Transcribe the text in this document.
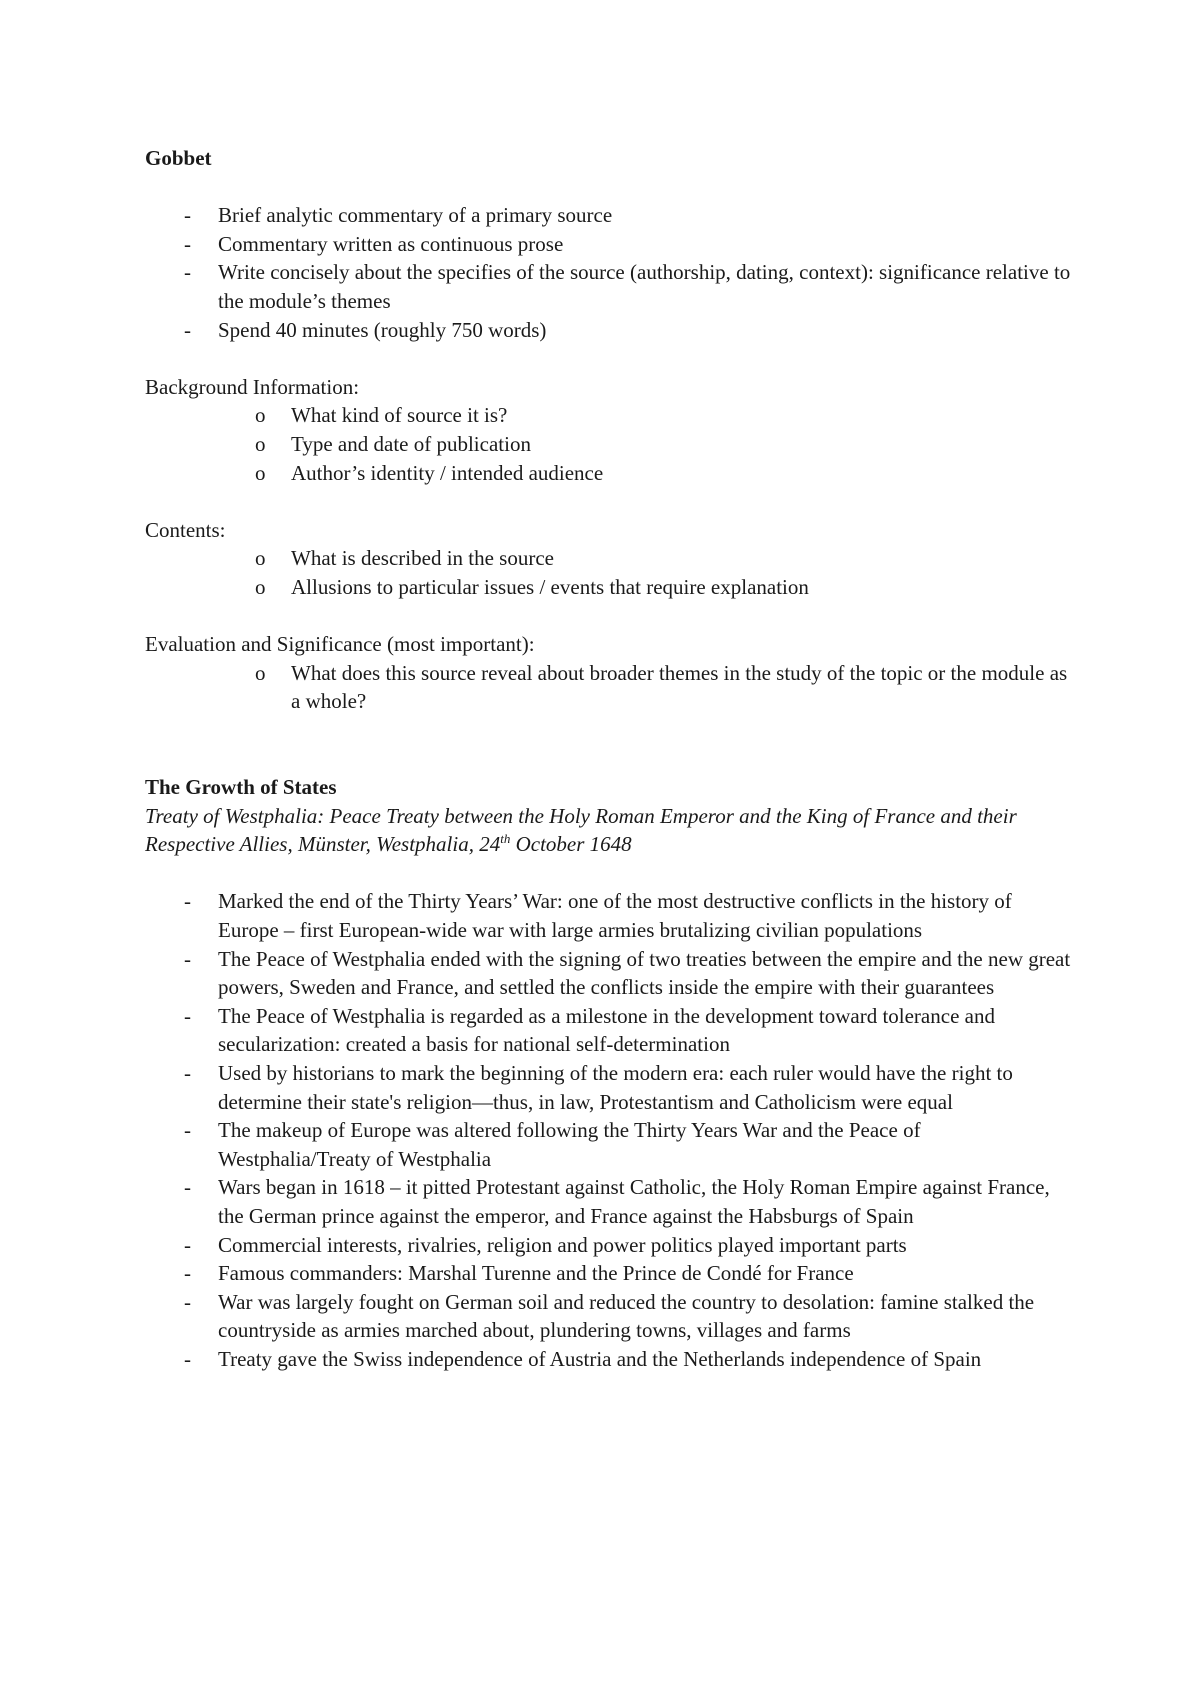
Gobbet

- Brief analytic commentary of a primary source
- Commentary written as continuous prose
- Write concisely about the specifies of the source (authorship, dating, context): significance relative to the module’s themes
- Spend 40 minutes (roughly 750 words)

Background Information:

o What kind of source it is?
o Type and date of publication
o Author’s identity / intended audience

Contents:

o What is described in the source
o Allusions to particular issues / events that require explanation

Evaluation and Significance (most important):

o What does this source reveal about broader themes in the study of the topic or the module as a whole?

The Growth of States

Treaty of Westphalia: Peace Treaty between the Holy Roman Emperor and the King of France and their Respective Allies, Münster, Westphalia, 24th October 1648

- Marked the end of the Thirty Years’ War: one of the most destructive conflicts in the history of Europe – first European-wide war with large armies brutalizing civilian populations
- The Peace of Westphalia ended with the signing of two treaties between the empire and the new great powers, Sweden and France, and settled the conflicts inside the empire with their guarantees
- The Peace of Westphalia is regarded as a milestone in the development toward tolerance and secularization: created a basis for national self-determination
- Used by historians to mark the beginning of the modern era: each ruler would have the right to determine their state's religion—thus, in law, Protestantism and Catholicism were equal
- The makeup of Europe was altered following the Thirty Years War and the Peace of Westphalia/Treaty of Westphalia
- Wars began in 1618 – it pitted Protestant against Catholic, the Holy Roman Empire against France, the German prince against the emperor, and France against the Habsburgs of Spain
- Commercial interests, rivalries, religion and power politics played important parts
- Famous commanders: Marshal Turenne and the Prince de Condé for France
- War was largely fought on German soil and reduced the country to desolation: famine stalked the countryside as armies marched about, plundering towns, villages and farms
- Treaty gave the Swiss independence of Austria and the Netherlands independence of Spain
